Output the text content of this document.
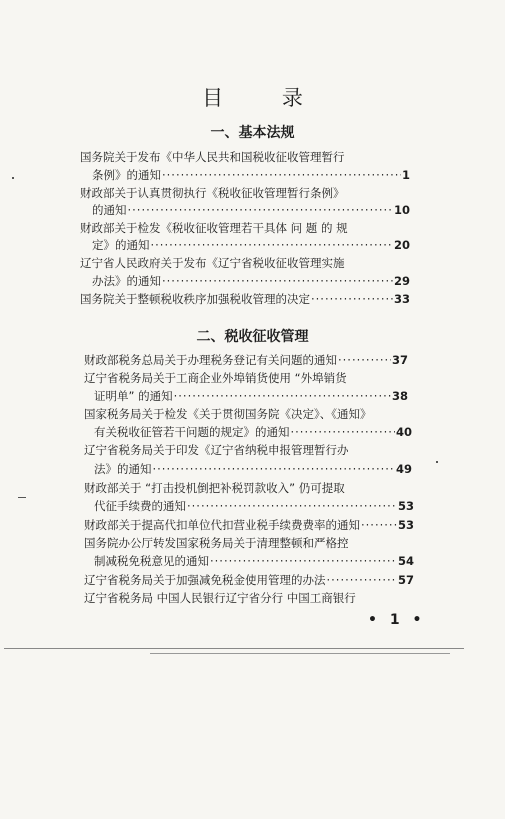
目 录
一、基本法规
二、税收征收管理
国务院关于发布《中华人民共和国税收征收管理暂行
条例》的通知 ·····	1
财政部关于认真贯彻执行《税收征收管理暂行条例》
的通知 ·····	10
财政部关于检发《税收征收管理若干具体 问 题 的 规
定》的通知 ·····	20
辽宁省人民政府关于发布《辽宁省税收征收管理实施
办法》的通知 ·····	29
国务院关于整顿税收秩序加强税收管理的决定 ·····	33
财政部税务总局关于办理税务登记有关问题的通知 ·····	37
辽宁省税务局关于工商企业外埠销货使用 “外埠销货
证明单” 的通知 ·····	38
国家税务局关于检发《关于贯彻国务院《决定》、《通知》
有关税收征管若干问题的规定》的通知 ·····	40
辽宁省税务局关于印发《辽宁省纳税申报管理暂行办
法》的通知 ·····	49
财政部关于 “打击投机倒把补税罚款收入” 仍可提取
代征手续费的通知 ·····	53
财政部关于提高代扣单位代扣营业税手续费费率的通知 ·····	53
国务院办公厅转发国家税务局关于清理整顿和严格控
制减税免税意见的通知 ·····	54
辽宁省税务局关于加强减免税金使用管理的办法 ·····	57
辽宁省税务局 中国人民银行辽宁省分行 中国工商银行
• 1 •
